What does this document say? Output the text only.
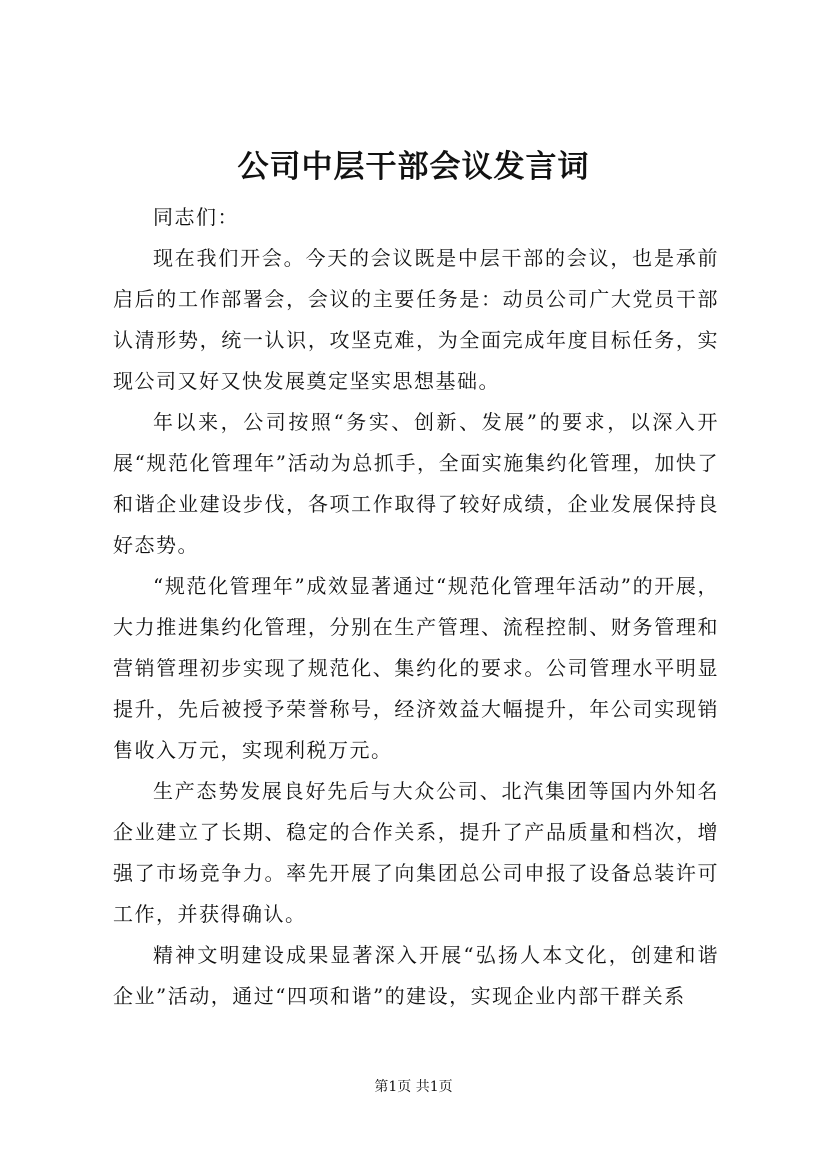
公司中层干部会议发言词

同志们：

现在我们开会。今天的会议既是中层干部的会议，也是承前启后的工作部署会，会议的主要任务是：动员公司广大党员干部认清形势，统一认识，攻坚克难，为全面完成年度目标任务，实现公司又好又快发展奠定坚实思想基础。

年以来，公司按照“务实、创新、发展”的要求，以深入开展“规范化管理年”活动为总抓手，全面实施集约化管理，加快了和谐企业建设步伐，各项工作取得了较好成绩，企业发展保持良好态势。

“规范化管理年”成效显著通过“规范化管理年活动”的开展，大力推进集约化管理，分别在生产管理、流程控制、财务管理和营销管理初步实现了规范化、集约化的要求。公司管理水平明显提升，先后被授予荣誉称号，经济效益大幅提升，年公司实现销售收入万元，实现利税万元。

生产态势发展良好先后与大众公司、北汽集团等国内外知名企业建立了长期、稳定的合作关系，提升了产品质量和档次，增强了市场竞争力。率先开展了向集团总公司申报了设备总装许可工作，并获得确认。

精神文明建设成果显著深入开展“弘扬人本文化，创建和谐企业”活动，通过“四项和谐”的建设，实现企业内部干群关系

第1页 共1页
